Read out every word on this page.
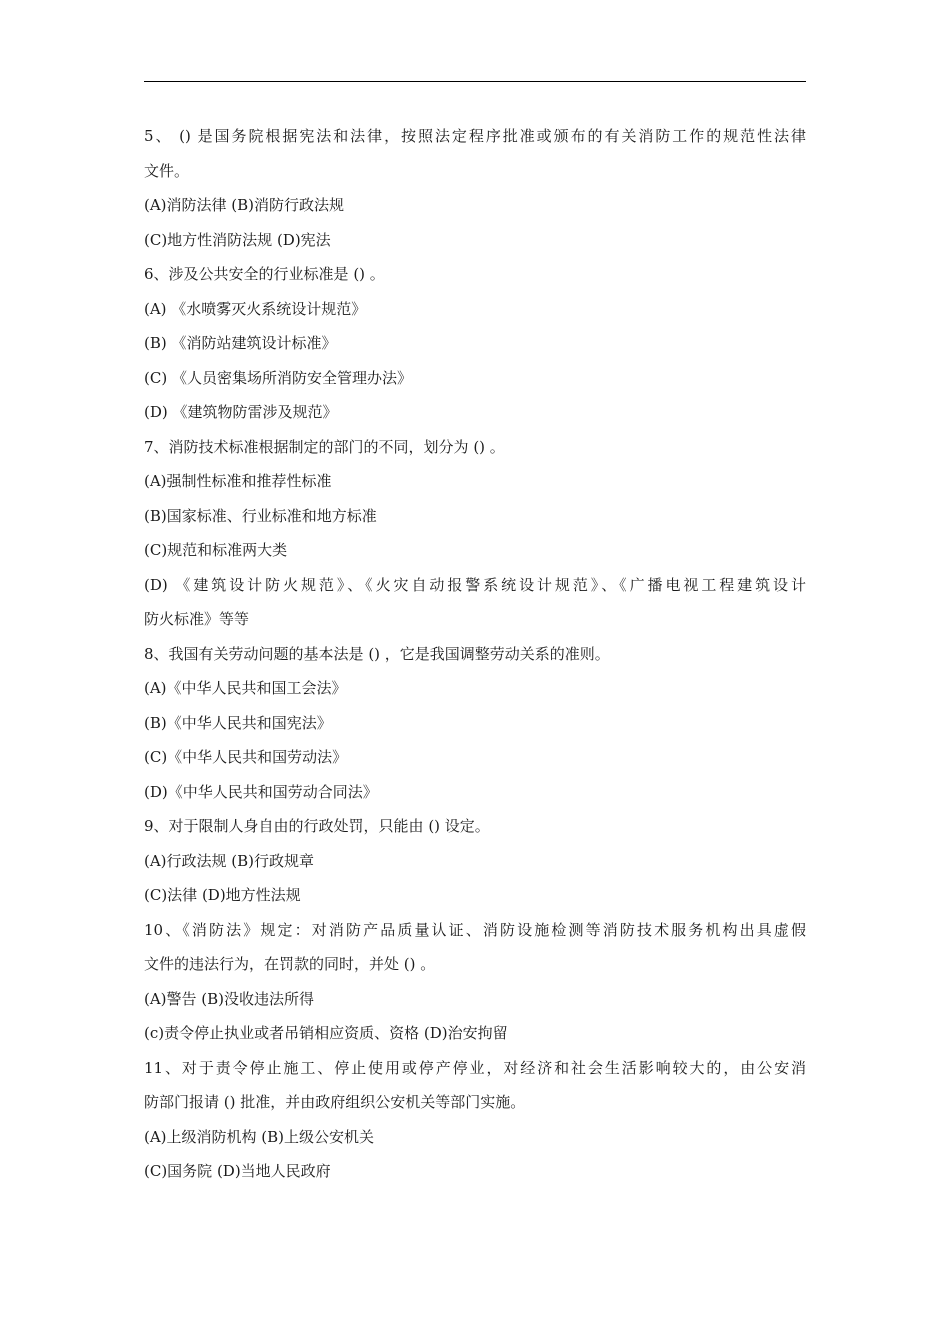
5、 () 是国务院根据宪法和法律，按照法定程序批准或颁布的有关消防工作的规范性法律
文件。
(A)消防法律 (B)消防行政法规
(C)地方性消防法规 (D)宪法
6、涉及公共安全的行业标准是 () 。
(A) 《水喷雾灭火系统设计规范》
(B) 《消防站建筑设计标准》
(C) 《人员密集场所消防安全管理办法》
(D) 《建筑物防雷涉及规范》
7、消防技术标准根据制定的部门的不同，划分为 () 。
(A)强制性标准和推荐性标准
(B)国家标准、行业标准和地方标准
(C)规范和标准两大类
(D) 《建筑设计防火规范》、《火灾自动报警系统设计规范》、《广播电视工程建筑设计
防火标准》等等
8、我国有关劳动问题的基本法是 () ，它是我国调整劳动关系的准则。
(A)《中华人民共和国工会法》
(B)《中华人民共和国宪法》
(C)《中华人民共和国劳动法》
(D)《中华人民共和国劳动合同法》
9、对于限制人身自由的行政处罚，只能由 () 设定。
(A)行政法规 (B)行政规章
(C)法律 (D)地方性法规
10、《消防法》规定：对消防产品质量认证、消防设施检测等消防技术服务机构出具虚假
文件的违法行为，在罚款的同时，并处 () 。
(A)警告 (B)没收违法所得
(c)责令停止执业或者吊销相应资质、资格 (D)治安拘留
11、对于责令停止施工、停止使用或停产停业，对经济和社会生活影响较大的，由公安消
防部门报请 () 批准，并由政府组织公安机关等部门实施。
(A)上级消防机构 (B)上级公安机关
(C)国务院 (D)当地人民政府
